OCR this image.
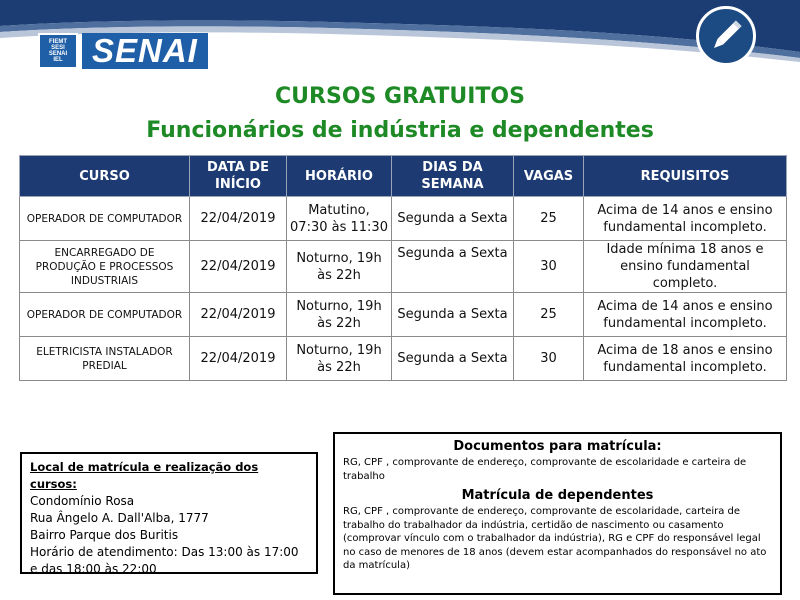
FIEMT
SESI
SENAI
IEL SENAI
CURSOS GRATUITOS
Funcionários de indústria e dependentes
CURSO	DATA DE INÍCIO	HORÁRIO	DIAS DA SEMANA	VAGAS	REQUISITOS
OPERADOR DE COMPUTADOR	22/04/2019	Matutino, 07:30 às 11:30	Segunda a Sexta	25	Acima de 14 anos e ensino fundamental incompleto.
ENCARREGADO DE PRODUÇÃO E PROCESSOS INDUSTRIAIS	22/04/2019	Noturno, 19h às 22h	Segunda a Sexta	30	Idade mínima 18 anos e ensino fundamental completo.
OPERADOR DE COMPUTADOR	22/04/2019	Noturno, 19h às 22h	Segunda a Sexta	25	Acima de 14 anos e ensino fundamental incompleto.
ELETRICISTA INSTALADOR PREDIAL	22/04/2019	Noturno, 19h às 22h	Segunda a Sexta	30	Acima de 18 anos e ensino fundamental incompleto.
Local de matrícula e realização dos cursos:
Condomínio Rosa
Rua Ângelo A. Dall'Alba, 1777
Bairro Parque dos Buritis
Horário de atendimento: Das 13:00 às 17:00
e das 18:00 às 22:00
Documentos para matrícula:
RG, CPF , comprovante de endereço, comprovante de escolaridade e carteira de trabalho
Matrícula de dependentes
RG, CPF , comprovante de endereço, comprovante de escolaridade, carteira de trabalho do trabalhador da indústria, certidão de nascimento ou casamento (comprovar vínculo com o trabalhador da indústria), RG e CPF do responsável legal no caso de menores de 18 anos (devem estar acompanhados do responsável no ato da matrícula)
